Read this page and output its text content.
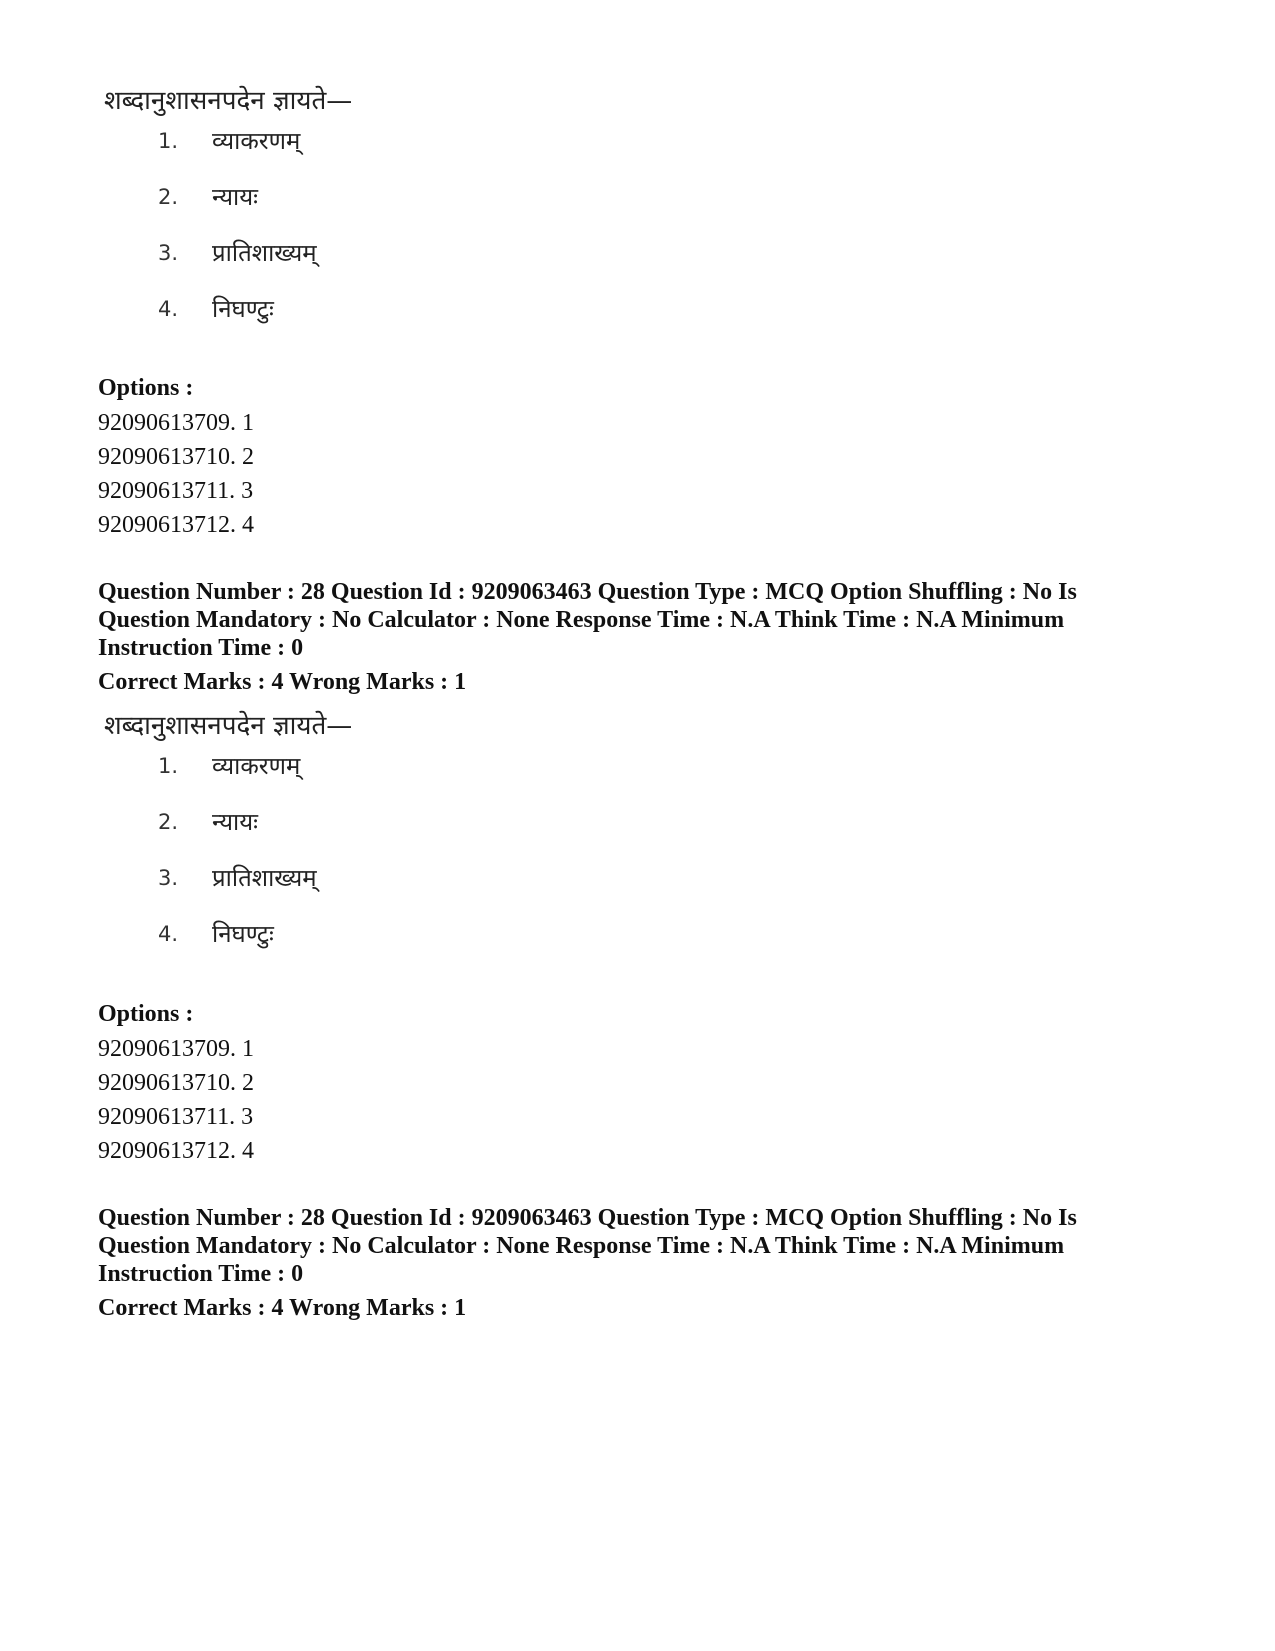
शब्दानुशासनपदेन ज्ञायते—
1. व्याकरणम्
2. न्यायः
3. प्रातिशाख्यम्
4. निघण्टुः
Options :
92090613709. 1
92090613710. 2
92090613711. 3
92090613712. 4
Question Number : 28 Question Id : 9209063463 Question Type : MCQ Option Shuffling : No Is
Question Mandatory : No Calculator : None Response Time : N.A Think Time : N.A Minimum
Instruction Time : 0
Correct Marks : 4 Wrong Marks : 1
शब्दानुशासनपदेन ज्ञायते—
1. व्याकरणम्
2. न्यायः
3. प्रातिशाख्यम्
4. निघण्टुः
Options :
92090613709. 1
92090613710. 2
92090613711. 3
92090613712. 4
Question Number : 28 Question Id : 9209063463 Question Type : MCQ Option Shuffling : No Is
Question Mandatory : No Calculator : None Response Time : N.A Think Time : N.A Minimum
Instruction Time : 0
Correct Marks : 4 Wrong Marks : 1
